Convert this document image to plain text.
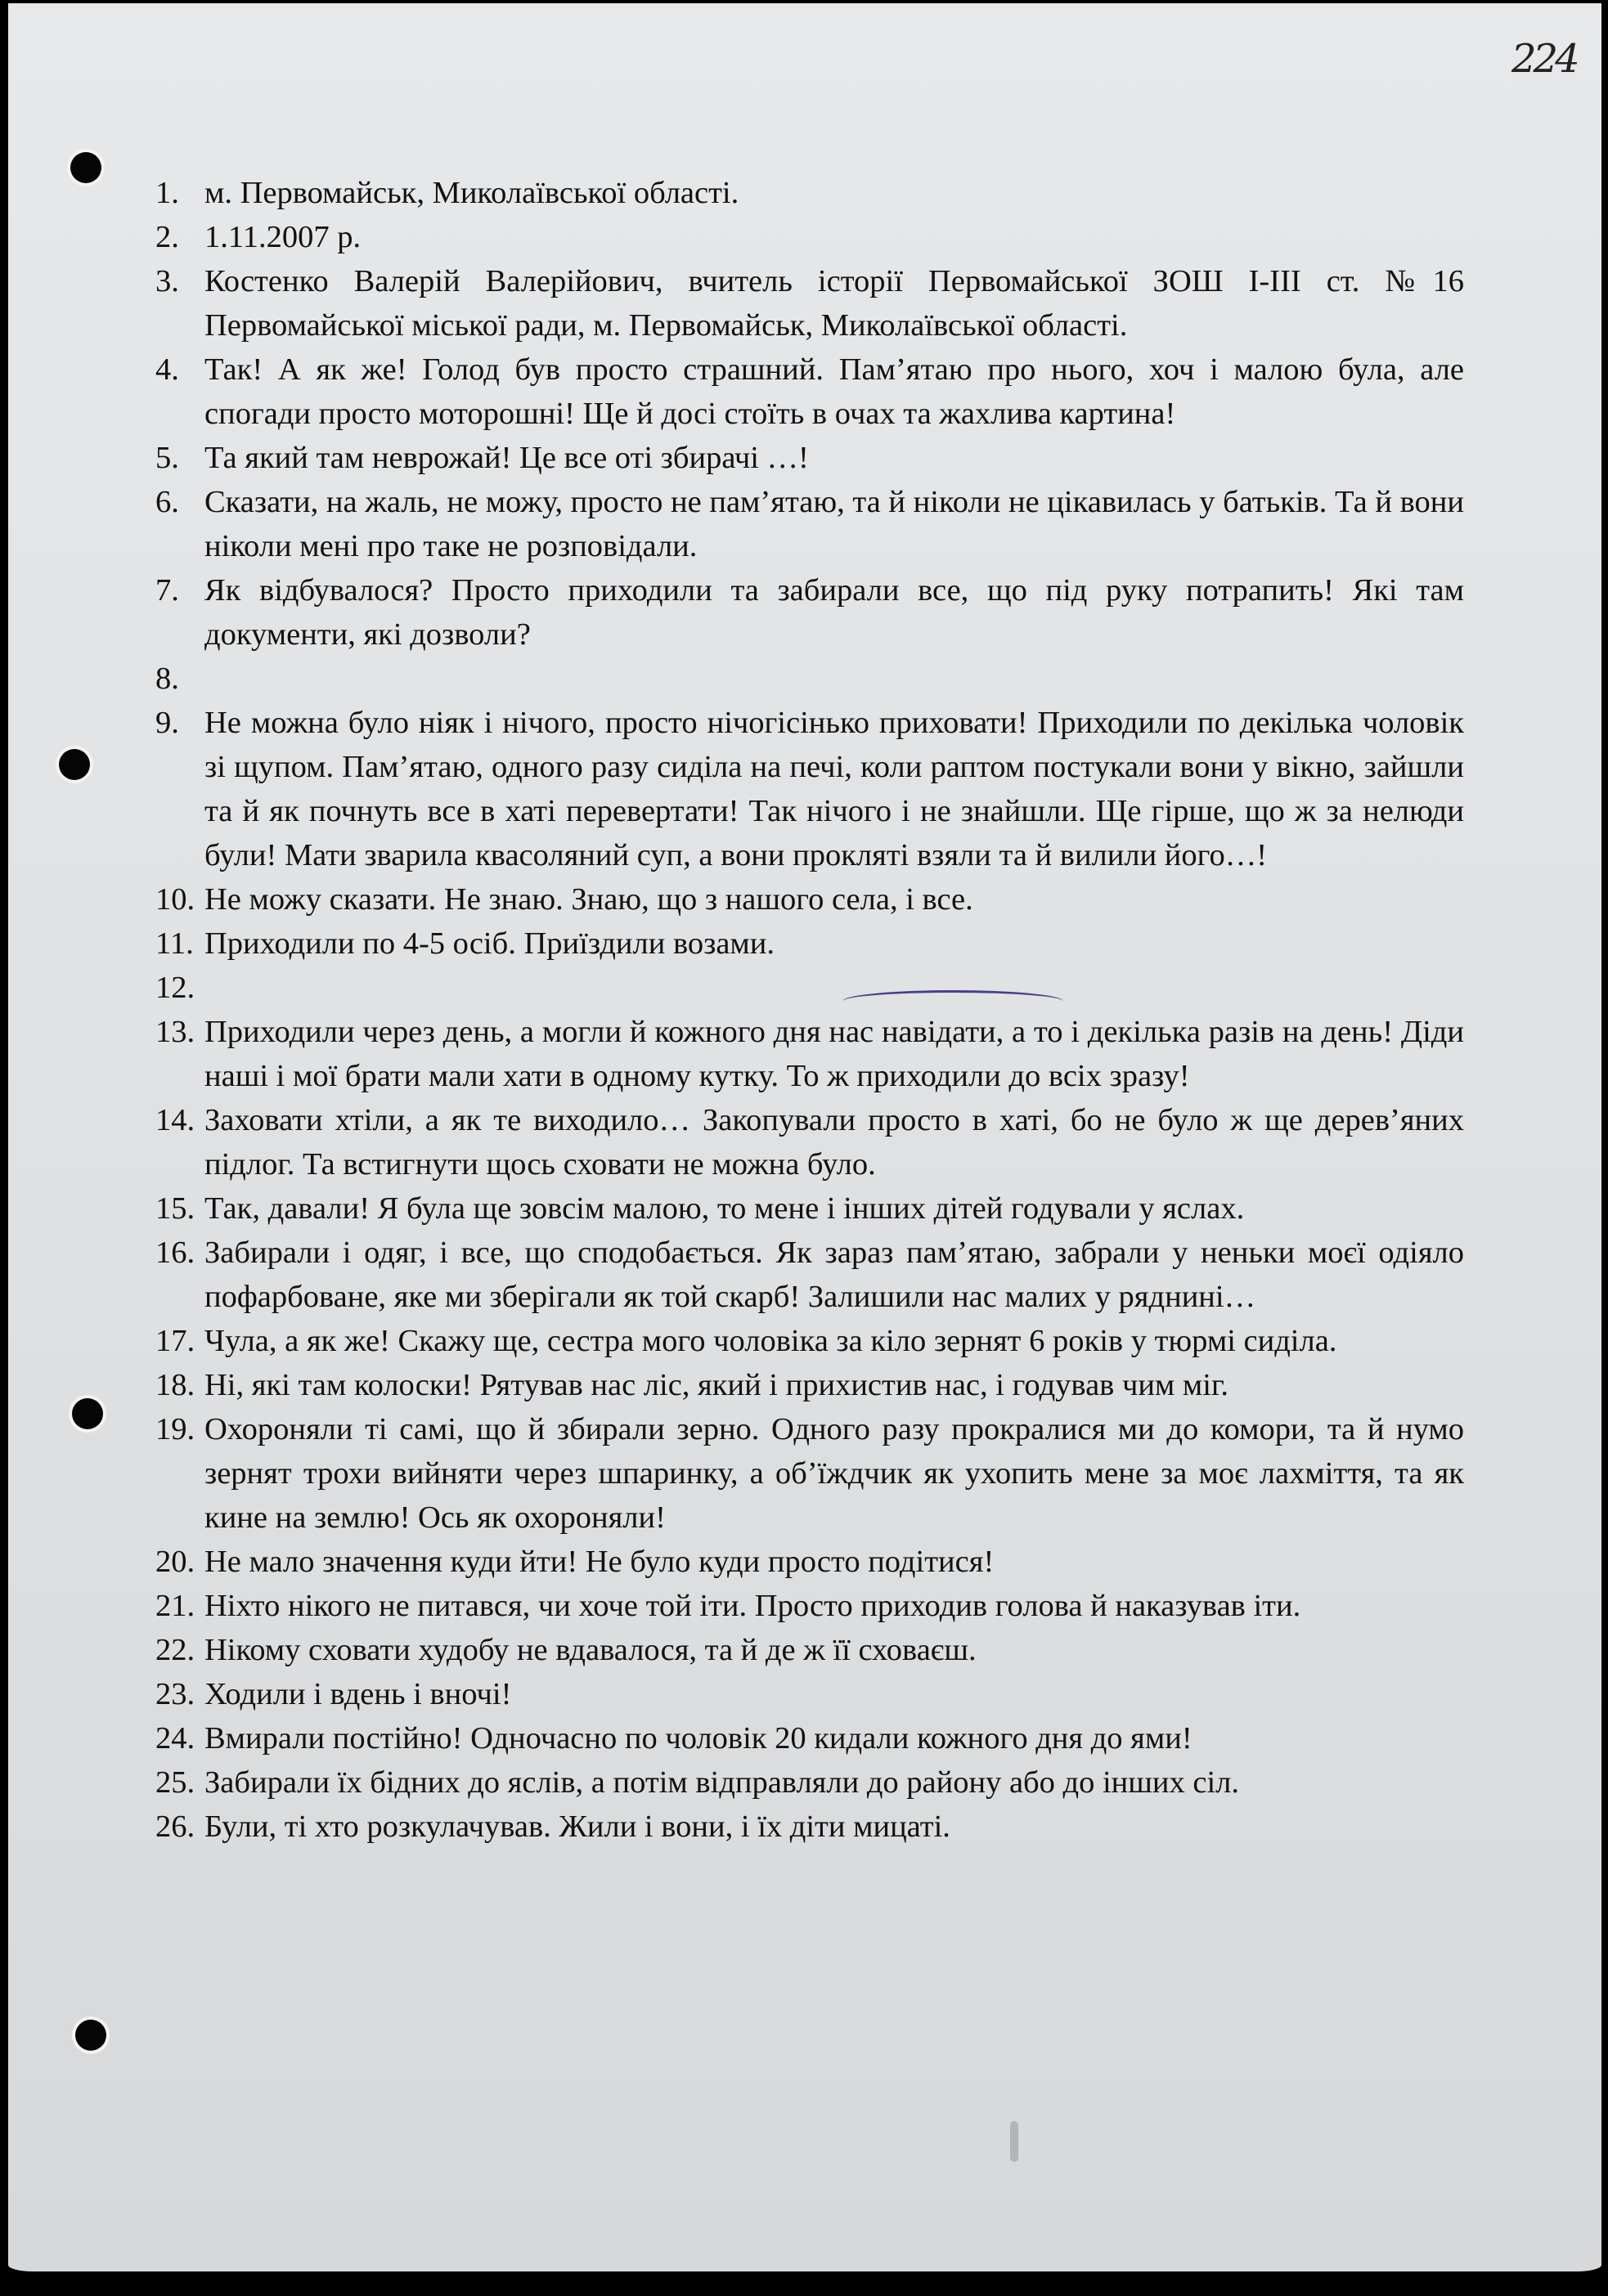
224
1. м. Первомайськ, Миколаївської області.
2. 1.11.2007 р.
3. Костенко Валерій Валерійович, вчитель історії Первомайської ЗОШ І-ІІІ ст. №16 Первомайської міської ради, м. Первомайськ, Миколаївської області.
4. Так! А як же! Голод був просто страшний. Пам’ятаю про нього, хоч і малою була, але спогади просто моторошні! Ще й досі стоїть в очах та жахлива картина!
5. Та який там неврожай! Це все оті збирачі …!
6. Сказати, на жаль, не можу, просто не пам’ятаю, та й ніколи не цікавилась у батьків. Та й вони ніколи мені про таке не розповідали.
7. Як відбувалося? Просто приходили та забирали все, що під руку потрапить! Які там документи, які дозволи?
8.

9. Не можна було ніяк і нічого, просто нічогісінько приховати! Приходили по декілька чоловік зі щупом. Пам’ятаю, одного разу сиділа на печі, коли раптом постукали вони у вікно, зайшли та й як почнуть все в хаті перевертати! Так нічого і не знайшли. Ще гірше, що ж за нелюди були! Мати зварила квасоляний суп, а вони прокляті взяли та й вилили його…!
10. Не можу сказати. Не знаю. Знаю, що з нашого села, і все.
11. Приходили по 4-5 осіб. Приїздили возами.
12.

13. Приходили через день, а могли й кожного дня нас навідати, а то і декілька разів на день! Діди наші і мої брати мали хати в одному кутку. То ж приходили до всіх зразу!
14. Заховати хтіли, а як те виходило… Закопували просто в хаті, бо не було ж ще дерев’яних підлог. Та встигнути щось сховати не можна було.
15. Так, давали! Я була ще зовсім малою, то мене і інших дітей годували у яслах.
16. Забирали і одяг, і все, що сподобається. Як зараз пам’ятаю, забрали у неньки моєї одіяло пофарбоване, яке ми зберігали як той скарб! Залишили нас малих у ряднині…
17. Чула, а як же! Скажу ще, сестра мого чоловіка за кіло зернят 6 років у тюрмі сиділа.
18. Ні, які там колоски! Рятував нас ліс, який і прихистив нас, і годував чим міг.
19. Охороняли ті самі, що й збирали зерно. Одного разу прокралися ми до комори, та й нумо зернят трохи вийняти через шпаринку, а об’їждчик як ухопить мене за моє лахміття, та як кине на землю! Ось як охороняли!
20. Не мало значення куди йти! Не було куди просто подітися!
21. Ніхто нікого не питався, чи хоче той іти. Просто приходив голова й наказував іти.
22. Нікому сховати худобу не вдавалося, та й де ж її сховаєш.
23. Ходили і вдень і вночі!
24. Вмирали постійно! Одночасно по чоловік 20 кидали кожного дня до ями!
25. Забирали їх бідних до яслів, а потім відправляли до району або до інших сіл.
26. Були, ті хто розкулачував. Жили і вони, і їх діти мицаті.
